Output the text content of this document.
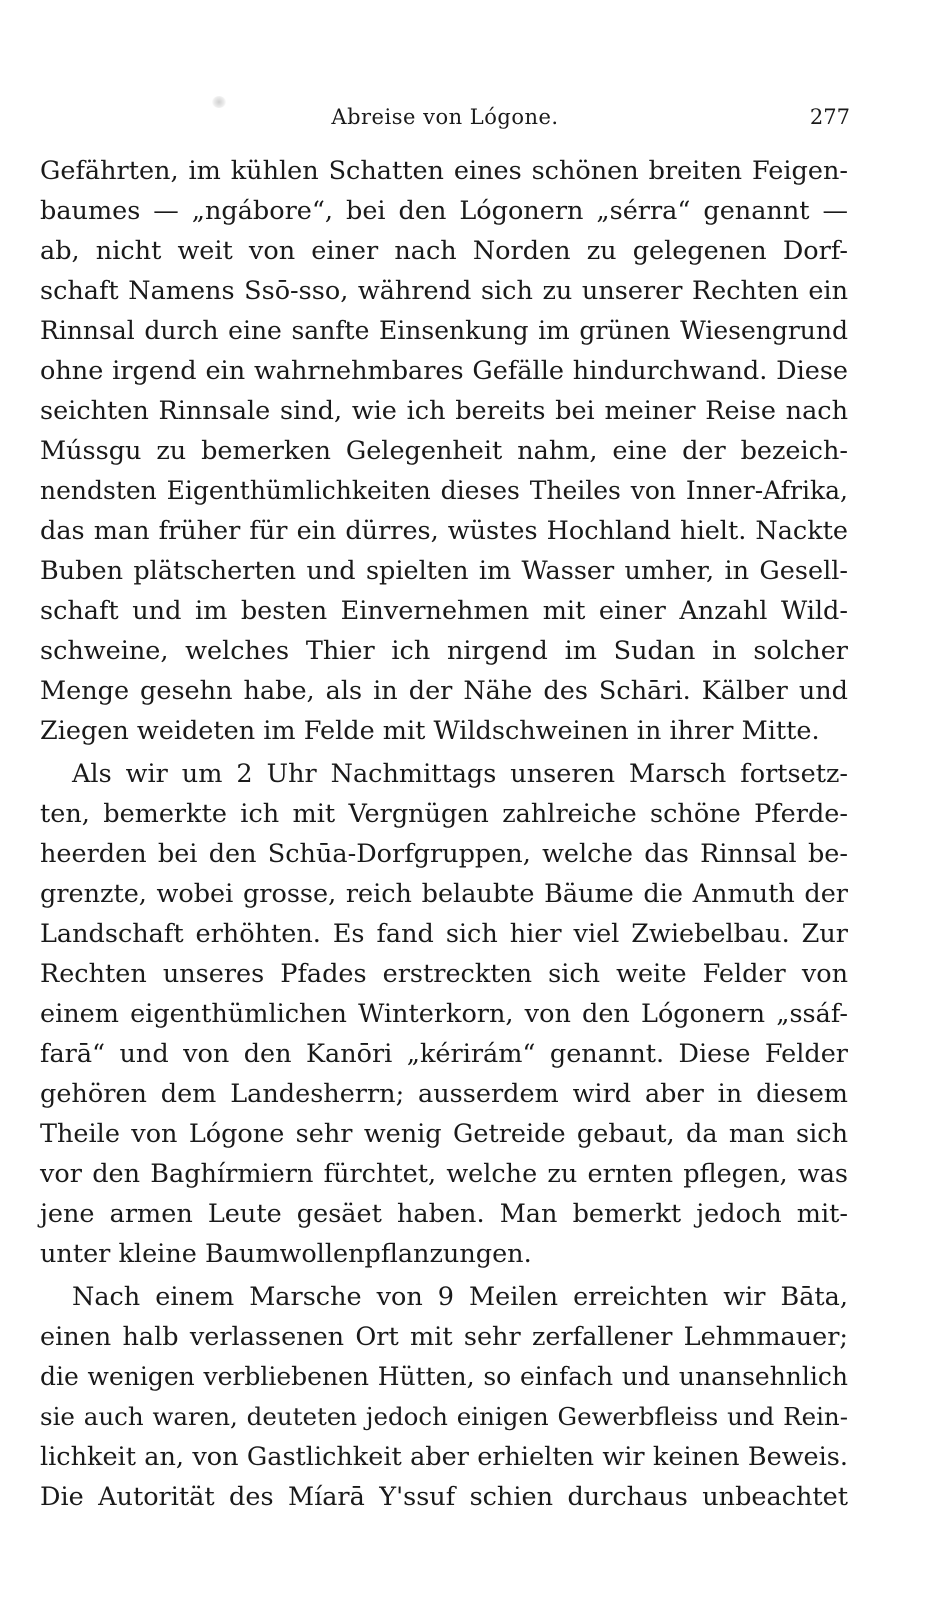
Abreise von Lógone.	277
Gefährten, im kühlen Schatten eines schönen breiten Feigen-
baumes — „ngábore“, bei den Lógonern „sérra“ genannt —
ab, nicht weit von einer nach Norden zu gelegenen Dorf-
schaft Namens Ssō-sso, während sich zu unserer Rechten ein
Rinnsal durch eine sanfte Einsenkung im grünen Wiesengrund
ohne irgend ein wahrnehmbares Gefälle hindurchwand. Diese
seichten Rinnsale sind, wie ich bereits bei meiner Reise nach
Mússgu zu bemerken Gelegenheit nahm, eine der bezeich-
nendsten Eigenthümlichkeiten dieses Theiles von Inner-Afrika,
das man früher für ein dürres, wüstes Hochland hielt. Nackte
Buben plätscherten und spielten im Wasser umher, in Gesell-
schaft und im besten Einvernehmen mit einer Anzahl Wild-
schweine, welches Thier ich nirgend im Sudan in solcher
Menge gesehn habe, als in der Nähe des Schāri. Kälber und
Ziegen weideten im Felde mit Wildschweinen in ihrer Mitte.
Als wir um 2 Uhr Nachmittags unseren Marsch fortsetz-
ten, bemerkte ich mit Vergnügen zahlreiche schöne Pferde-
heerden bei den Schūa-Dorfgruppen, welche das Rinnsal be-
grenzte, wobei grosse, reich belaubte Bäume die Anmuth der
Landschaft erhöhten. Es fand sich hier viel Zwiebelbau. Zur
Rechten unseres Pfades erstreckten sich weite Felder von
einem eigenthümlichen Winterkorn, von den Lógonern „ssáf-
farā“ und von den Kanōri „kérirám“ genannt. Diese Felder
gehören dem Landesherrn; ausserdem wird aber in diesem
Theile von Lógone sehr wenig Getreide gebaut, da man sich
vor den Baghírmiern fürchtet, welche zu ernten pflegen, was
jene armen Leute gesäet haben. Man bemerkt jedoch mit-
unter kleine Baumwollenpflanzungen.
Nach einem Marsche von 9 Meilen erreichten wir Bāta,
einen halb verlassenen Ort mit sehr zerfallener Lehmmauer;
die wenigen verbliebenen Hütten, so einfach und unansehnlich
sie auch waren, deuteten jedoch einigen Gewerbfleiss und Rein-
lichkeit an, von Gastlichkeit aber erhielten wir keinen Beweis.
Die Autorität des Míarā Y'ssuf schien durchaus unbeachtet
